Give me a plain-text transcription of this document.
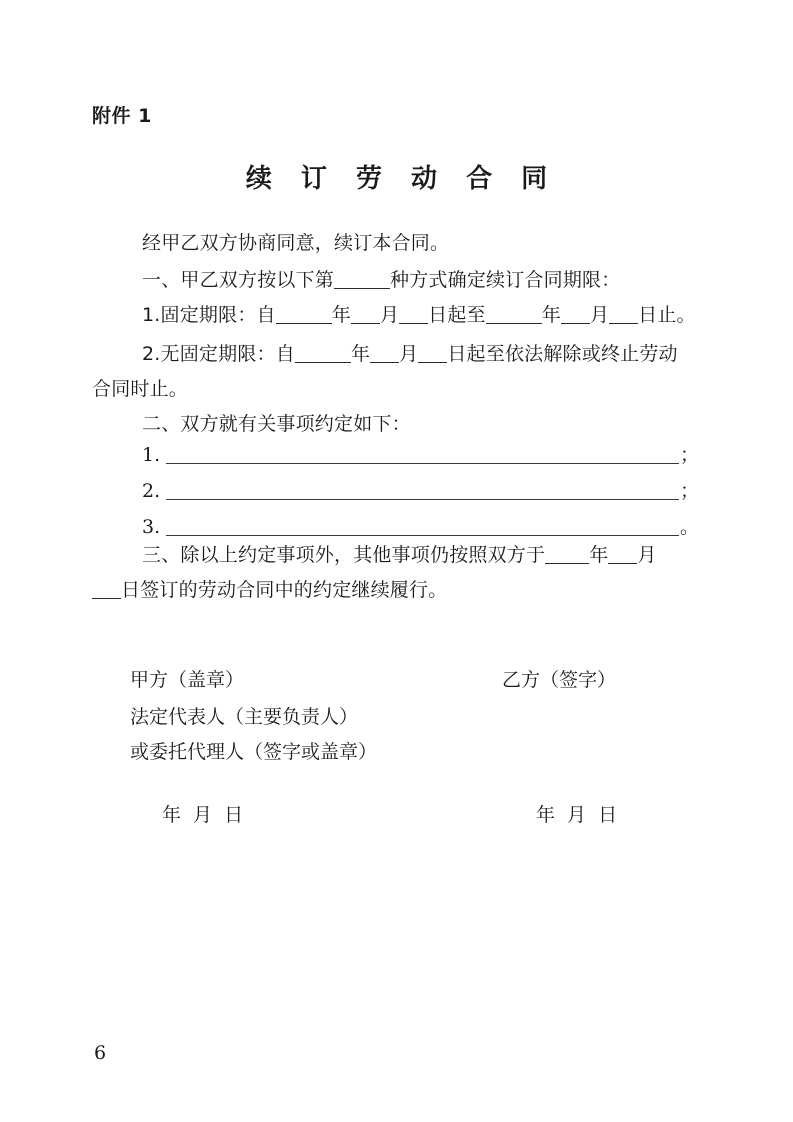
附件 1
续 订 劳 动 合 同
经甲乙双方协商同意，续订本合同。
一、甲乙双方按以下第	种方式确定续订合同期限：
1.固定期限：自	年 月 日起至	年 月 日止。
2.无固定期限：自	年 月 日起至依法解除或终止劳动
合同时止。
二、双方就有关事项约定如下：
1.	；
2.	；
3.	。
三、除以上约定事项外，其他事项仍按照双方于 年 月
日签订的劳动合同中的约定继续履行。
甲方（盖章）	乙方（签字）
法定代表人（主要负责人）
或委托代理人（签字或盖章）
年 月 日	年 月 日
6
